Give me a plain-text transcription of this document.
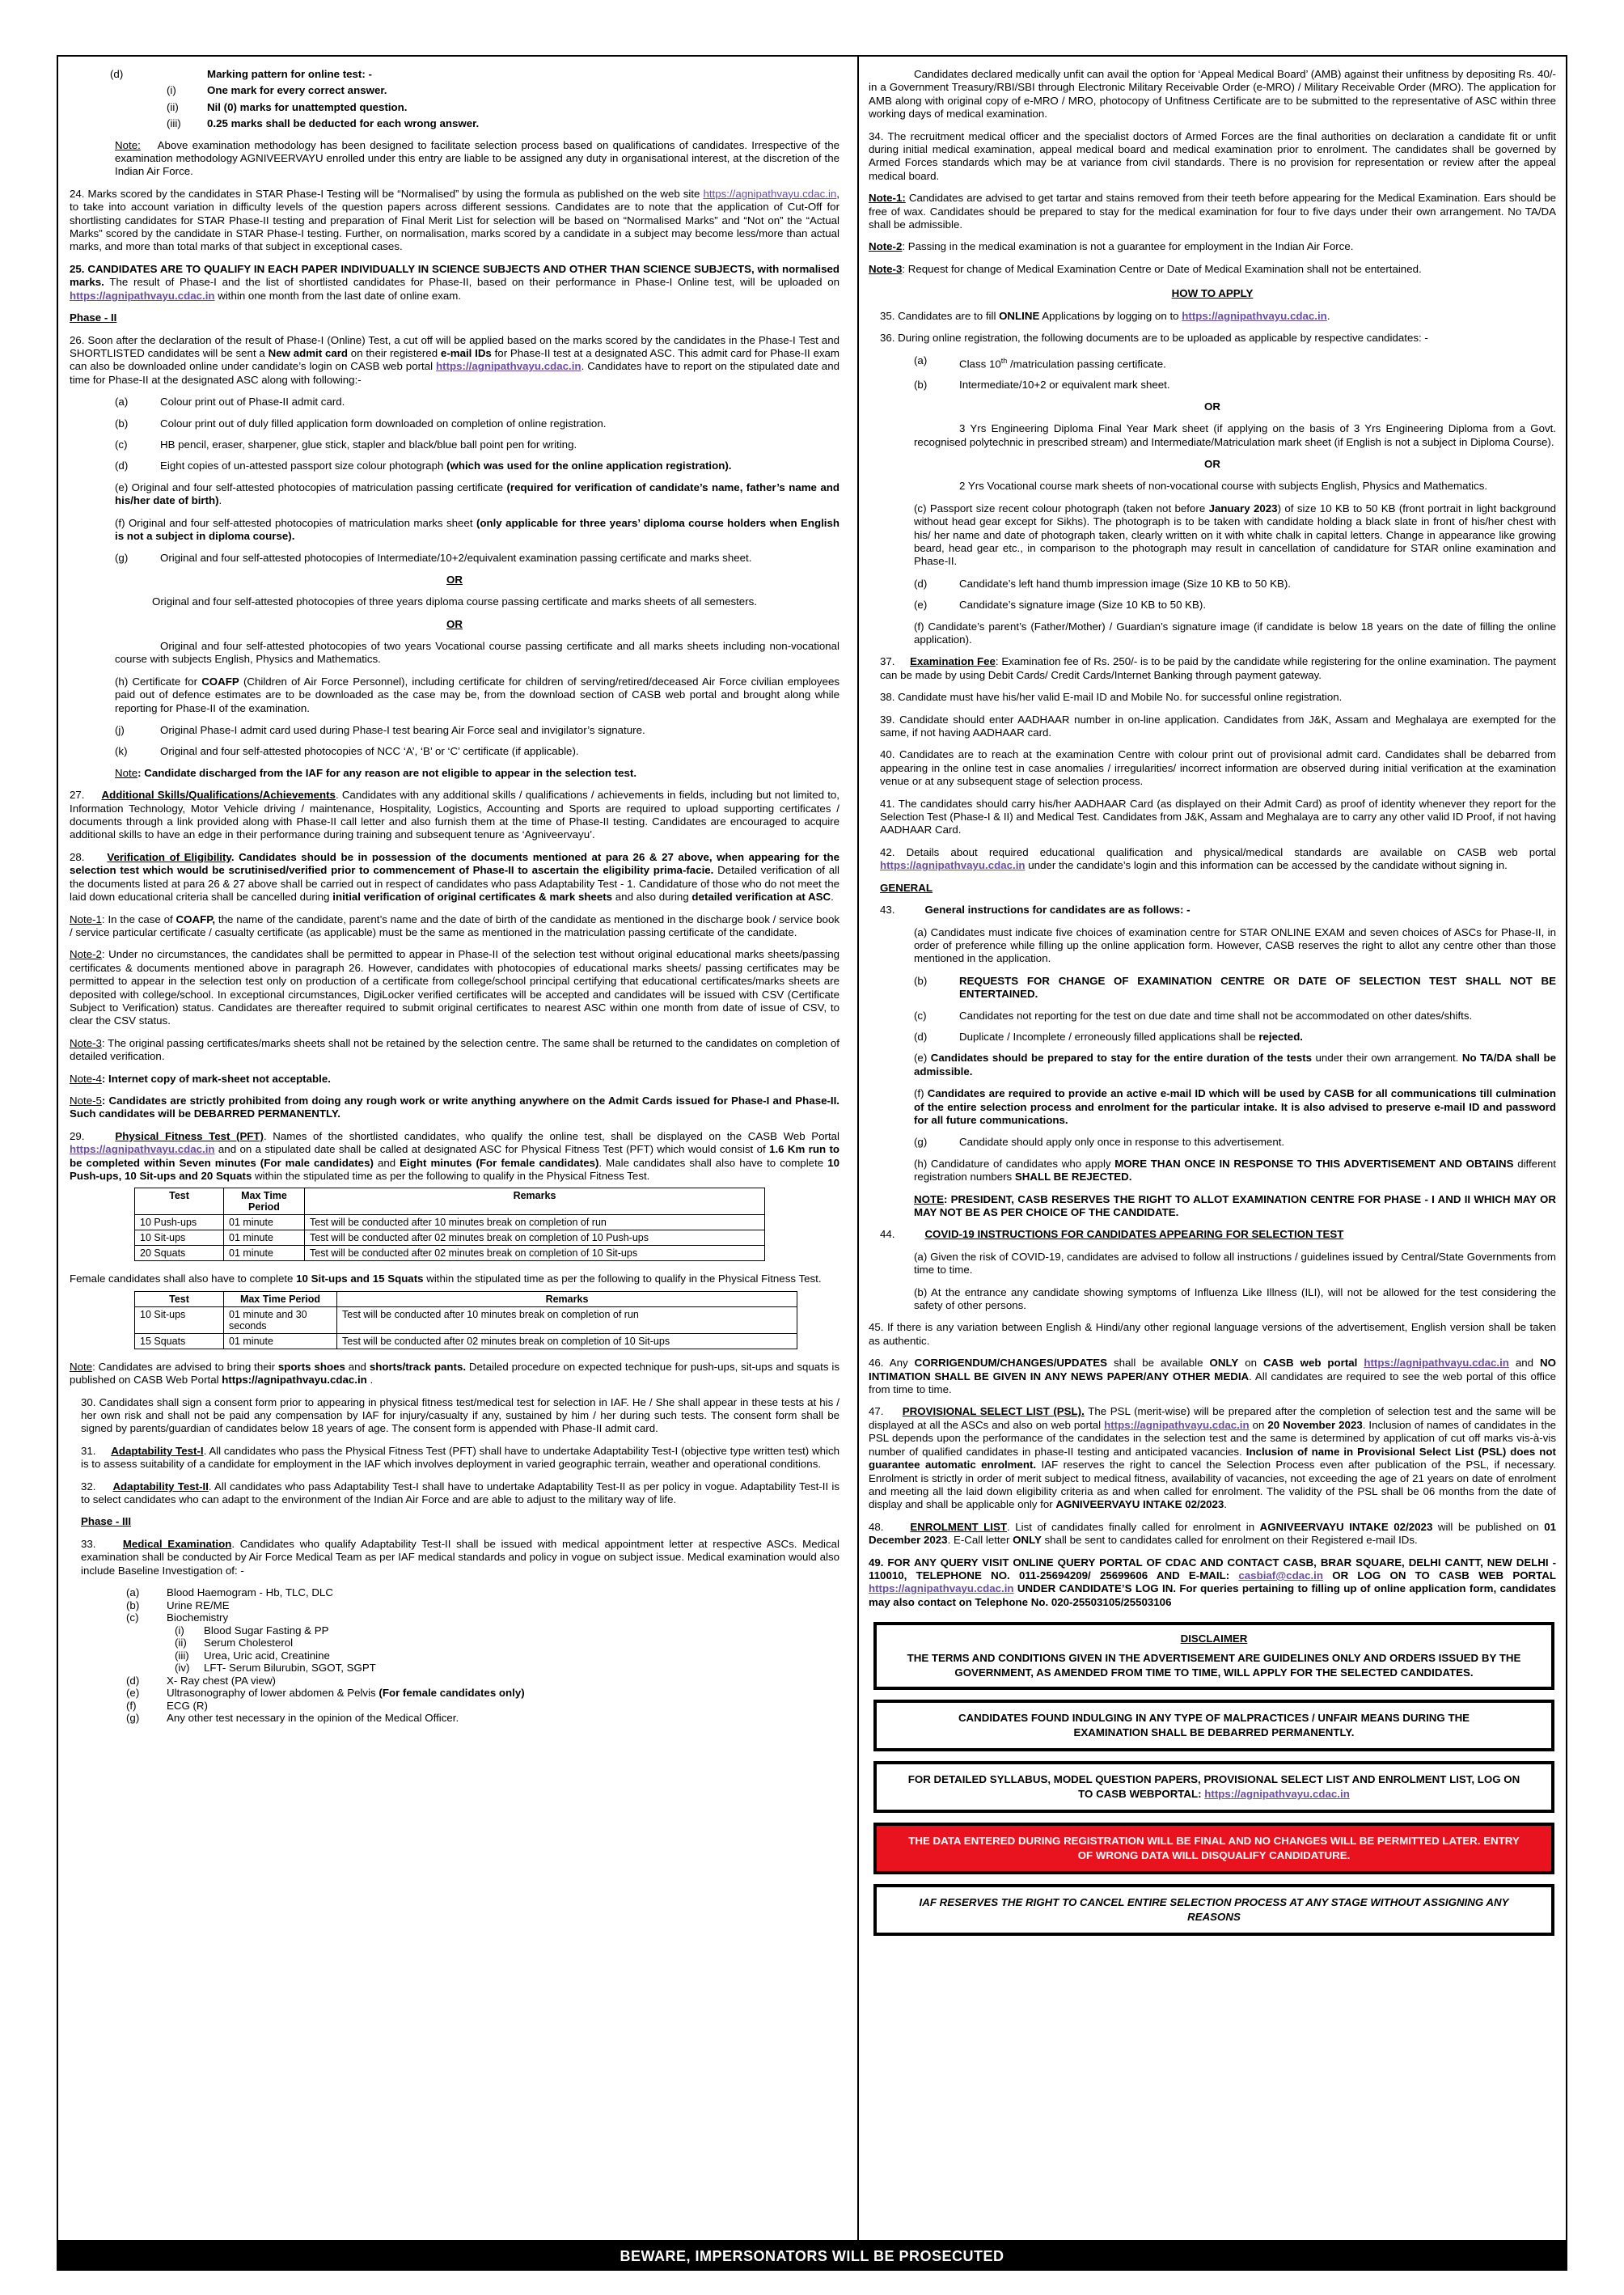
(d)	Marking pattern for online test: -
(i)	One mark for every correct answer.
(ii)	Nil (0) marks for unattempted question.
(iii)	0.25 marks shall be deducted for each wrong answer.

Note: Above examination methodology has been designed to facilitate selection process based on qualifications of candidates. Irrespective of the examination methodology AGNIVEERVAYU enrolled under this entry are liable to be assigned any duty in organisational interest, at the discretion of the Indian Air Force.

24. Marks scored by the candidates in STAR Phase-I Testing will be “Normalised” by using the formula as published on the web site https://agnipathvayu.cdac.in, to take into account variation in difficulty levels of the question papers across different sessions. Candidates are to note that the application of Cut-Off for shortlisting candidates for STAR Phase-II testing and preparation of Final Merit List for selection will be based on “Normalised Marks” and “Not on” the “Actual Marks” scored by the candidate in STAR Phase-I testing. Further, on normalisation, marks scored by a candidate in a subject may become less/more than actual marks, and more than total marks of that subject in exceptional cases.

25. CANDIDATES ARE TO QUALIFY IN EACH PAPER INDIVIDUALLY IN SCIENCE SUBJECTS AND OTHER THAN SCIENCE SUBJECTS, with normalised marks. The result of Phase-I and the list of shortlisted candidates for Phase-II, based on their performance in Phase-I Online test, will be uploaded on https://agnipathvayu.cdac.in within one month from the last date of online exam.

Phase - II

26. Soon after the declaration of the result of Phase-I (Online) Test, a cut off will be applied based on the marks scored by the candidates in the Phase-I Test and SHORTLISTED candidates will be sent a New admit card on their registered e-mail IDs for Phase-II test at a designated ASC. This admit card for Phase-II exam can also be downloaded online under candidate’s login on CASB web portal https://agnipathvayu.cdac.in. Candidates have to report on the stipulated date and time for Phase-II at the designated ASC along with following:-

(a)	Colour print out of Phase-II admit card.
(b)	Colour print out of duly filled application form downloaded on completion of online registration.
(c)	HB pencil, eraser, sharpener, glue stick, stapler and black/blue ball point pen for writing.
(d)	Eight copies of un-attested passport size colour photograph (which was used for the online application registration).

(e) Original and four self-attested photocopies of matriculation passing certificate (required for verification of candidate’s name, father’s name and his/her date of birth).

(f) Original and four self-attested photocopies of matriculation marks sheet (only applicable for three years’ diploma course holders when English is not a subject in diploma course).

(g)	Original and four self-attested photocopies of Intermediate/10+2/equivalent examination passing certificate and marks sheet.

OR

Original and four self-attested photocopies of three years diploma course passing certificate and marks sheets of all semesters.

OR

Original and four self-attested photocopies of two years Vocational course passing certificate and all marks sheets including non-vocational course with subjects English, Physics and Mathematics.

(h) Certificate for COAFP (Children of Air Force Personnel), including certificate for children of serving/retired/deceased Air Force civilian employees paid out of defence estimates are to be downloaded as the case may be, from the download section of CASB web portal and brought along while reporting for Phase-II of the examination.

(j)	Original Phase-I admit card used during Phase-I test bearing Air Force seal and invigilator’s signature.
(k)	Original and four self-attested photocopies of NCC ‘A’, ‘B’ or ‘C’ certificate (if applicable).

Note: Candidate discharged from the IAF for any reason are not eligible to appear in the selection test.

27. Additional Skills/Qualifications/Achievements. Candidates with any additional skills / qualifications / achievements in fields, including but not limited to, Information Technology, Motor Vehicle driving / maintenance, Hospitality, Logistics, Accounting and Sports are required to upload supporting certificates / documents through a link provided along with Phase-II call letter and also furnish them at the time of Phase-II testing. Candidates are encouraged to acquire additional skills to have an edge in their performance during training and subsequent tenure as ‘Agniveervayu’.

28. Verification of Eligibility. Candidates should be in possession of the documents mentioned at para 26 & 27 above, when appearing for the selection test which would be scrutinised/verified prior to commencement of Phase-II to ascertain the eligibility prima-facie. Detailed verification of all the documents listed at para 26 & 27 above shall be carried out in respect of candidates who pass Adaptability Test - 1. Candidature of those who do not meet the laid down educational criteria shall be cancelled during initial verification of original certificates & mark sheets and also during detailed verification at ASC.

Note-1: In the case of COAFP, the name of the candidate, parent’s name and the date of birth of the candidate as mentioned in the discharge book / service book / service particular certificate / casualty certificate (as applicable) must be the same as mentioned in the matriculation passing certificate of the candidate.

Note-2: Under no circumstances, the candidates shall be permitted to appear in Phase-II of the selection test without original educational marks sheets/passing certificates & documents mentioned above in paragraph 26. However, candidates with photocopies of educational marks sheets/ passing certificates may be permitted to appear in the selection test only on production of a certificate from college/school principal certifying that educational certificates/marks sheets are deposited with college/school. In exceptional circumstances, DigiLocker verified certificates will be accepted and candidates will be issued with CSV (Certificate Subject to Verification) status. Candidates are thereafter required to submit original certificates to nearest ASC within one month from date of issue of CSV, to clear the CSV status.

Note-3: The original passing certificates/marks sheets shall not be retained by the selection centre. The same shall be returned to the candidates on completion of detailed verification.

Note-4: Internet copy of mark-sheet not acceptable.

Note-5: Candidates are strictly prohibited from doing any rough work or write anything anywhere on the Admit Cards issued for Phase-I and Phase-II. Such candidates will be DEBARRED PERMANENTLY.

29.	Physical Fitness Test (PFT). Names of the shortlisted candidates, who qualify the online test, shall be displayed on the CASB Web Portal https://agnipathvayu.cdac.in and on a stipulated date shall be called at designated ASC for Physical Fitness Test (PFT) which would consist of 1.6 Km run to be completed within Seven minutes (For male candidates) and Eight minutes (For female candidates). Male candidates shall also have to complete 10 Push-ups, 10 Sit-ups and 20 Squats within the stipulated time as per the following to qualify in the Physical Fitness Test.

Test	Max Time Period	Remarks
10 Push-ups	01 minute	Test will be conducted after 10 minutes break on completion of run
10 Sit-ups	01 minute	Test will be conducted after 02 minutes break on completion of 10 Push-ups
20 Squats	01 minute	Test will be conducted after 02 minutes break on completion of 10 Sit-ups

Female candidates shall also have to complete 10 Sit-ups and 15 Squats within the stipulated time as per the following to qualify in the Physical Fitness Test.

Test	Max Time Period	Remarks
10 Sit-ups	01 minute and 30 seconds	Test will be conducted after 10 minutes break on completion of run
15 Squats	01 minute	Test will be conducted after 02 minutes break on completion of 10 Sit-ups

Note: Candidates are advised to bring their sports shoes and shorts/track pants. Detailed procedure on expected technique for push-ups, sit-ups and squats is published on CASB Web Portal https://agnipathvayu.cdac.in .

30. Candidates shall sign a consent form prior to appearing in physical fitness test/medical test for selection in IAF. He / She shall appear in these tests at his / her own risk and shall not be paid any compensation by IAF for injury/casualty if any, sustained by him / her during such tests. The consent form shall be signed by parents/guardian of candidates below 18 years of age. The consent form is appended with Phase-II admit card.

31. Adaptability Test-I. All candidates who pass the Physical Fitness Test (PFT) shall have to undertake Adaptability Test-I (objective type written test) which is to assess suitability of a candidate for employment in the IAF which involves deployment in varied geographic terrain, weather and operational conditions.

32. Adaptability Test-II. All candidates who pass Adaptability Test-I shall have to undertake Adaptability Test-II as per policy in vogue. Adaptability Test-II is to select candidates who can adapt to the environment of the Indian Air Force and are able to adjust to the military way of life.

Phase - III

33.	Medical Examination. Candidates who qualify Adaptability Test-II shall be issued with medical appointment letter at respective ASCs. Medical examination shall be conducted by Air Force Medical Team as per IAF medical standards and policy in vogue on subject issue. Medical examination would also include Baseline Investigation of: -

(a)	Blood Haemogram - Hb, TLC, DLC
(b)	Urine RE/ME
(c)	Biochemistry
(i)	Blood Sugar Fasting & PP
(ii)	Serum Cholesterol
(iii)	Urea, Uric acid, Creatinine
(iv)	LFT- Serum Bilurubin, SGOT, SGPT
(d)	X- Ray chest (PA view)
(e)	Ultrasonography of lower abdomen & Pelvis (For female candidates only)
(f)	ECG (R)
(g)	Any other test necessary in the opinion of the Medical Officer.

Candidates declared medically unfit can avail the option for ‘Appeal Medical Board’ (AMB) against their unfitness by depositing Rs. 40/- in a Government Treasury/RBI/SBI through Electronic Military Receivable Order (e-MRO) / Military Receivable Order (MRO). The application for AMB along with original copy of e-MRO / MRO, photocopy of Unfitness Certificate are to be submitted to the representative of ASC within three working days of medical examination.

34. The recruitment medical officer and the specialist doctors of Armed Forces are the final authorities on declaration a candidate fit or unfit during initial medical examination, appeal medical board and medical examination prior to enrolment. The candidates shall be governed by Armed Forces standards which may be at variance from civil standards. There is no provision for representation or review after the appeal medical board.

Note-1: Candidates are advised to get tartar and stains removed from their teeth before appearing for the Medical Examination. Ears should be free of wax. Candidates should be prepared to stay for the medical examination for four to five days under their own arrangement. No TA/DA shall be admissible.

Note-2: Passing in the medical examination is not a guarantee for employment in the Indian Air Force.

Note-3: Request for change of Medical Examination Centre or Date of Medical Examination shall not be entertained.

HOW TO APPLY

35. Candidates are to fill ONLINE Applications by logging on to https://agnipathvayu.cdac.in.

36. During online registration, the following documents are to be uploaded as applicable by respective candidates: -

(a)	Class 10th /matriculation passing certificate.
(b)	Intermediate/10+2 or equivalent mark sheet.

OR

3 Yrs Engineering Diploma Final Year Mark sheet (if applying on the basis of 3 Yrs Engineering Diploma from a Govt. recognised polytechnic in prescribed stream) and Intermediate/Matriculation mark sheet (if English is not a subject in Diploma Course).

OR

2 Yrs Vocational course mark sheets of non-vocational course with subjects English, Physics and Mathematics.

(c) Passport size recent colour photograph (taken not before January 2023) of size 10 KB to 50 KB (front portrait in light background without head gear except for Sikhs). The photograph is to be taken with candidate holding a black slate in front of his/her chest with his/ her name and date of photograph taken, clearly written on it with white chalk in capital letters. Change in appearance like growing beard, head gear etc., in comparison to the photograph may result in cancellation of candidature for STAR online examination and Phase-II.

(d)	Candidate’s left hand thumb impression image (Size 10 KB to 50 KB).
(e)	Candidate’s signature image (Size 10 KB to 50 KB).

(f) Candidate’s parent’s (Father/Mother) / Guardian’s signature image (if candidate is below 18 years on the date of filling the online application).

37. Examination Fee: Examination fee of Rs. 250/- is to be paid by the candidate while registering for the online examination. The payment can be made by using Debit Cards/ Credit Cards/Internet Banking through payment gateway.

38. Candidate must have his/her valid E-mail ID and Mobile No. for successful online registration.

39. Candidate should enter AADHAAR number in on-line application. Candidates from J&K, Assam and Meghalaya are exempted for the same, if not having AADHAAR card.

40. Candidates are to reach at the examination Centre with colour print out of provisional admit card. Candidates shall be debarred from appearing in the online test in case anomalies / irregularities/ incorrect information are observed during initial verification at the examination venue or at any subsequent stage of selection process.

41. The candidates should carry his/her AADHAAR Card (as displayed on their Admit Card) as proof of identity whenever they report for the Selection Test (Phase-I & II) and Medical Test. Candidates from J&K, Assam and Meghalaya are to carry any other valid ID Proof, if not having AADHAAR Card.

42. Details about required educational qualification and physical/medical standards are available on CASB web portal https://agnipathvayu.cdac.in under the candidate’s login and this information can be accessed by the candidate without signing in.

GENERAL

43.	General instructions for candidates are as follows: -

(a) Candidates must indicate five choices of examination centre for STAR ONLINE EXAM and seven choices of ASCs for Phase-II, in order of preference while filling up the online application form. However, CASB reserves the right to allot any centre other than those mentioned in the application.

(b)	REQUESTS FOR CHANGE OF EXAMINATION CENTRE OR DATE OF SELECTION TEST SHALL NOT BE ENTERTAINED.
(c)	Candidates not reporting for the test on due date and time shall not be accommodated on other dates/shifts.
(d)	Duplicate / Incomplete / erroneously filled applications shall be rejected.

(e) Candidates should be prepared to stay for the entire duration of the tests under their own arrangement. No TA/DA shall be admissible.

(f) Candidates are required to provide an active e-mail ID which will be used by CASB for all communications till culmination of the entire selection process and enrolment for the particular intake. It is also advised to preserve e-mail ID and password for all future communications.

(g)	Candidate should apply only once in response to this advertisement.

(h) Candidature of candidates who apply MORE THAN ONCE IN RESPONSE TO THIS ADVERTISEMENT AND OBTAINS different registration numbers SHALL BE REJECTED.

NOTE: PRESIDENT, CASB RESERVES THE RIGHT TO ALLOT EXAMINATION CENTRE FOR PHASE - I AND II WHICH MAY OR MAY NOT BE AS PER CHOICE OF THE CANDIDATE.

44.	COVID-19 INSTRUCTIONS FOR CANDIDATES APPEARING FOR SELECTION TEST

(a) Given the risk of COVID-19, candidates are advised to follow all instructions / guidelines issued by Central/State Governments from time to time.

(b) At the entrance any candidate showing symptoms of Influenza Like Illness (ILI), will not be allowed for the test considering the safety of other persons.

45. If there is any variation between English & Hindi/any other regional language versions of the advertisement, English version shall be taken as authentic.

46. Any CORRIGENDUM/CHANGES/UPDATES shall be available ONLY on CASB web portal https://agnipathvayu.cdac.in and NO INTIMATION SHALL BE GIVEN IN ANY NEWS PAPER/ANY OTHER MEDIA. All candidates are required to see the web portal of this office from time to time.

47. PROVISIONAL SELECT LIST (PSL). The PSL (merit-wise) will be prepared after the completion of selection test and the same will be displayed at all the ASCs and also on web portal https://agnipathvayu.cdac.in on 20 November 2023. Inclusion of names of candidates in the PSL depends upon the performance of the candidates in the selection test and the same is determined by application of cut off marks vis-à-vis number of qualified candidates in phase-II testing and anticipated vacancies. Inclusion of name in Provisional Select List (PSL) does not guarantee automatic enrolment. IAF reserves the right to cancel the Selection Process even after publication of the PSL, if necessary. Enrolment is strictly in order of merit subject to medical fitness, availability of vacancies, not exceeding the age of 21 years on date of enrolment and meeting all the laid down eligibility criteria as and when called for enrolment. The validity of the PSL shall be 06 months from the date of display and shall be applicable only for AGNIVEERVAYU INTAKE 02/2023.

48. ENROLMENT LIST. List of candidates finally called for enrolment in AGNIVEERVAYU INTAKE 02/2023 will be published on 01 December 2023. E-Call letter ONLY shall be sent to candidates called for enrolment on their Registered e-mail IDs.

49. FOR ANY QUERY VISIT ONLINE QUERY PORTAL OF CDAC AND CONTACT CASB, BRAR SQUARE, DELHI CANTT, NEW DELHI - 110010, TELEPHONE NO. 011-25694209/ 25699606 AND E-MAIL: casbiaf@cdac.in OR LOG ON TO CASB WEB PORTAL https://agnipathvayu.cdac.in UNDER CANDIDATE’S LOG IN. For queries pertaining to filling up of online application form, candidates may also contact on Telephone No. 020-25503105/25503106

DISCLAIMER
THE TERMS AND CONDITIONS GIVEN IN THE ADVERTISEMENT ARE GUIDELINES ONLY AND ORDERS ISSUED BY THE GOVERNMENT, AS AMENDED FROM TIME TO TIME, WILL APPLY FOR THE SELECTED CANDIDATES.
CANDIDATES FOUND INDULGING IN ANY TYPE OF MALPRACTICES / UNFAIR MEANS DURING THE EXAMINATION SHALL BE DEBARRED PERMANENTLY.
FOR DETAILED SYLLABUS, MODEL QUESTION PAPERS, PROVISIONAL SELECT LIST AND ENROLMENT LIST, LOG ON TO CASB WEBPORTAL: https://agnipathvayu.cdac.in
THE DATA ENTERED DURING REGISTRATION WILL BE FINAL AND NO CHANGES WILL BE PERMITTED LATER. ENTRY OF WRONG DATA WILL DISQUALIFY CANDIDATURE.
IAF RESERVES THE RIGHT TO CANCEL ENTIRE SELECTION PROCESS AT ANY STAGE WITHOUT ASSIGNING ANY REASONS
BEWARE, IMPERSONATORS WILL BE PROSECUTED
